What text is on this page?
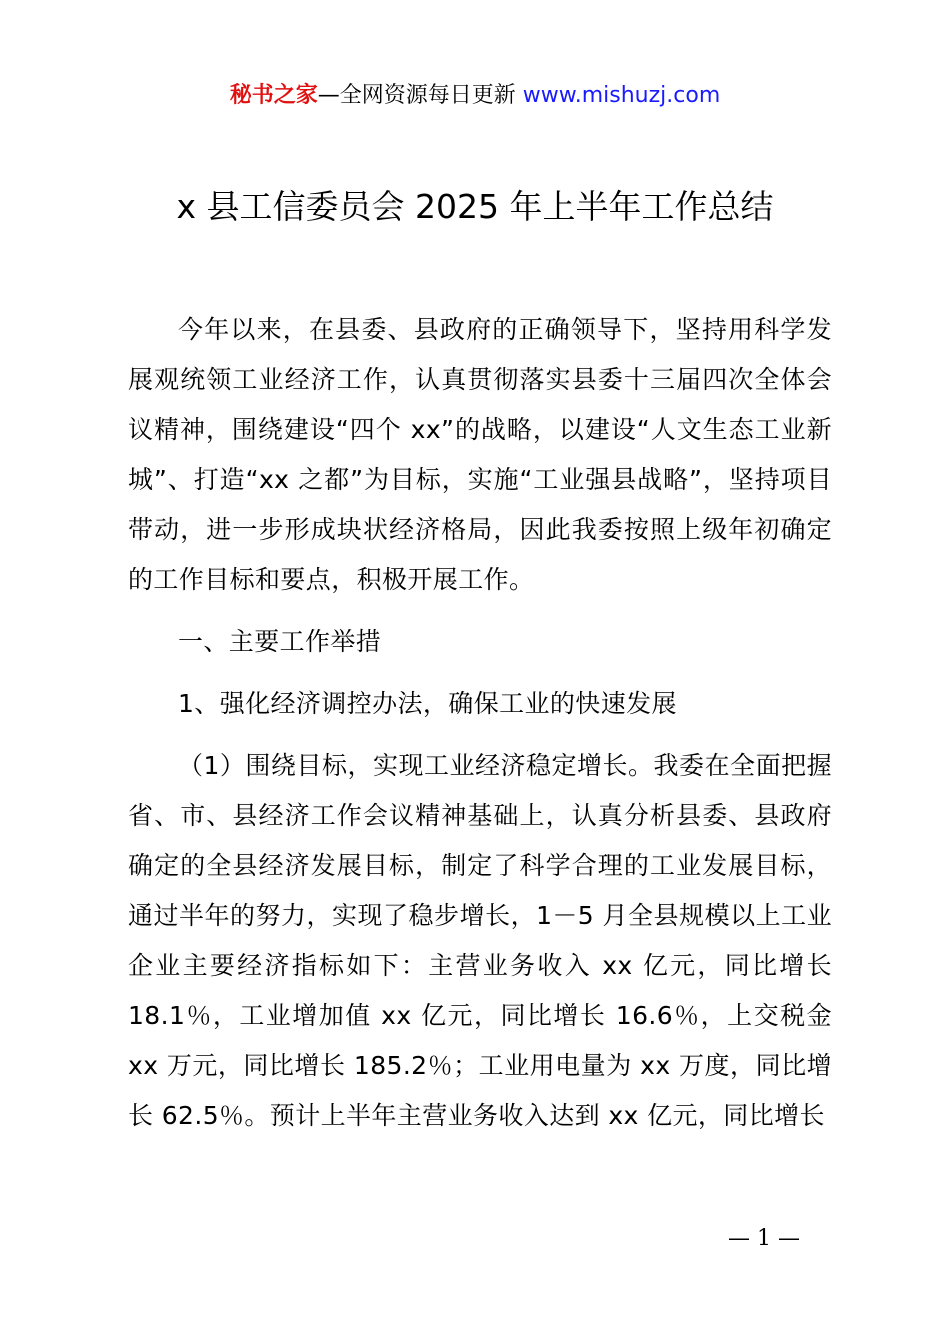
秘书之家—全网资源每日更新 www.mishuzj.com
x 县工信委员会 2025 年上半年工作总结

今年以来，在县委、县政府的正确领导下，坚持用科学发展观统领工业经济工作，认真贯彻落实县委十三届四次全体会议精神，围绕建设“四个 xx”的战略，以建设“人文生态工业新城”、打造“xx 之都”为目标，实施“工业强县战略”，坚持项目带动，进一步形成块状经济格局，因此我委按照上级年初确定的工作目标和要点，积极开展工作。

一、主要工作举措

1、强化经济调控办法，确保工业的快速发展

（1）围绕目标，实现工业经济稳定增长。我委在全面把握省、市、县经济工作会议精神基础上，认真分析县委、县政府确定的全县经济发展目标，制定了科学合理的工业发展目标，通过半年的努力，实现了稳步增长，1－5 月全县规模以上工业企业主要经济指标如下：主营业务收入 xx 亿元，同比增长 18.1％，工业增加值 xx 亿元，同比增长 16.6％，上交税金 xx 万元，同比增长 185.2％；工业用电量为 xx 万度，同比增长 62.5％。预计上半年主营业务收入达到 xx 亿元，同比增长

— 1 —
